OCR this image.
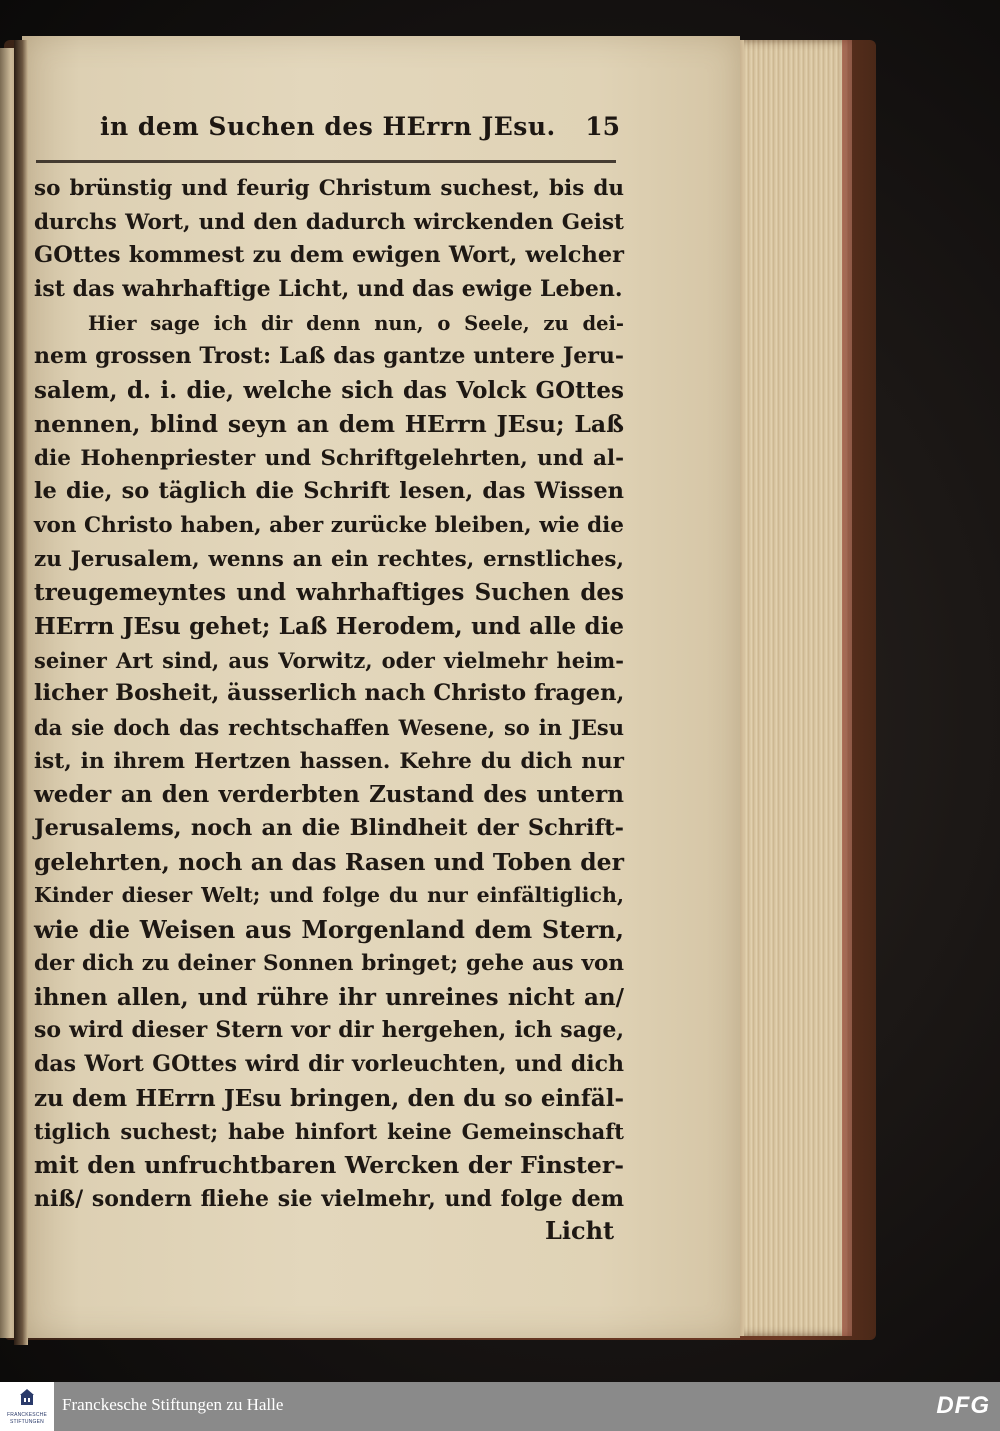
in dem Suchen des HErrn JEsu. 15
so brünstig und feurig Christum suchest, bis du
durchs Wort, und den dadurch wirckenden Geist
GOttes kommest zu dem ewigen Wort, welcher
ist das wahrhaftige Licht, und das ewige Leben.
Hier sage ich dir denn nun, o Seele, zu dei-
nem grossen Trost: Laß das gantze untere Jeru-
salem, d. i. die, welche sich das Volck GOttes
nennen, blind seyn an dem HErrn JEsu; Laß
die Hohenpriester und Schriftgelehrten, und al-
le die, so täglich die Schrift lesen, das Wissen
von Christo haben, aber zurücke bleiben, wie die
zu Jerusalem, wenns an ein rechtes, ernstliches,
treugemeyntes und wahrhaftiges Suchen des
HErrn JEsu gehet; Laß Herodem, und alle die
seiner Art sind, aus Vorwitz, oder vielmehr heim-
licher Bosheit, äusserlich nach Christo fragen,
da sie doch das rechtschaffen Wesene, so in JEsu
ist, in ihrem Hertzen hassen. Kehre du dich nur
weder an den verderbten Zustand des untern
Jerusalems, noch an die Blindheit der Schrift-
gelehrten, noch an das Rasen und Toben der
Kinder dieser Welt; und folge du nur einfältiglich,
wie die Weisen aus Morgenland dem Stern,
der dich zu deiner Sonnen bringet; gehe aus von
ihnen allen, und rühre ihr unreines nicht an/
so wird dieser Stern vor dir hergehen, ich sage,
das Wort GOttes wird dir vorleuchten, und dich
zu dem HErrn JEsu bringen, den du so einfäl-
tiglich suchest; habe hinfort keine Gemeinschaft
mit den unfruchtbaren Wercken der Finster-
niß/ sondern fliehe sie vielmehr, und folge dem
Licht
FRANCKESCHE
STIFTUNGEN
Franckesche Stiftungen zu Halle	DFG
